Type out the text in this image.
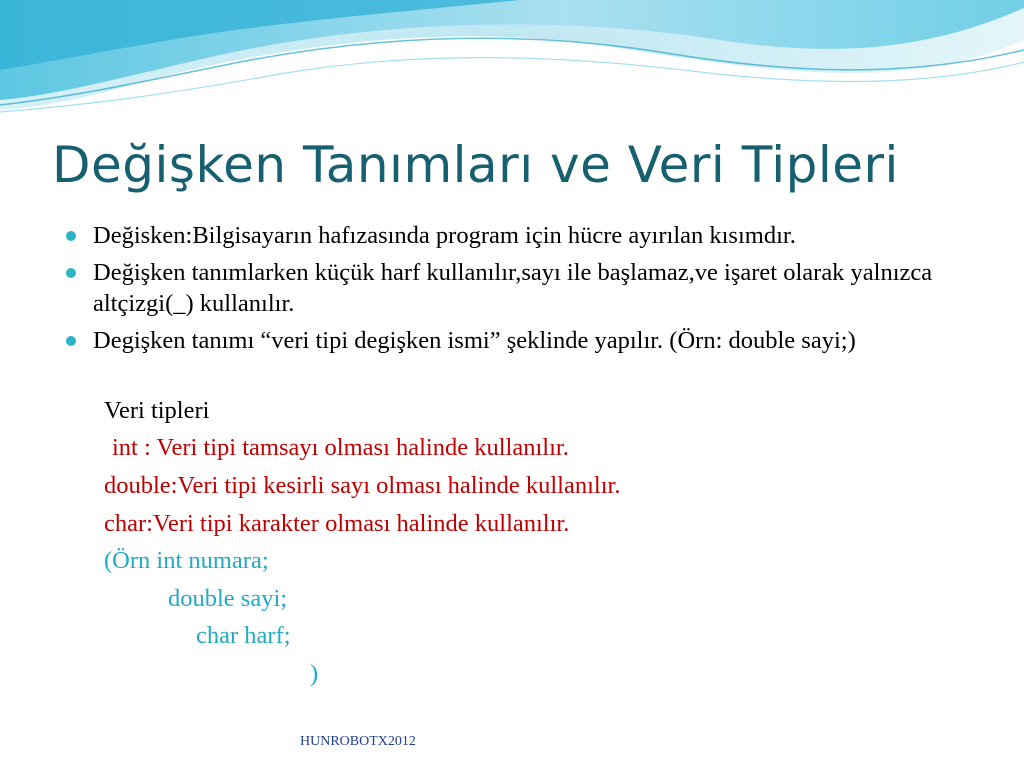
Değişken Tanımları ve Veri Tipleri
Değisken:Bilgisayarın hafızasında program için hücre ayırılan kısımdır.
Değişken tanımlarken küçük harf kullanılır,sayı ile başlamaz,ve işaret olarak yalnızca altçizgi(_) kullanılır.
Degişken tanımı “veri tipi degişken ismi” şeklinde yapılır. (Örn: double sayi;)
Veri tipleri
int : Veri tipi tamsayı olması halinde kullanılır.
double:Veri tipi kesirli sayı olması halinde kullanılır.
char:Veri tipi karakter olması halinde kullanılır.
(Örn int numara;
double sayi;
char harf;
)
HUNROBOTX2012
